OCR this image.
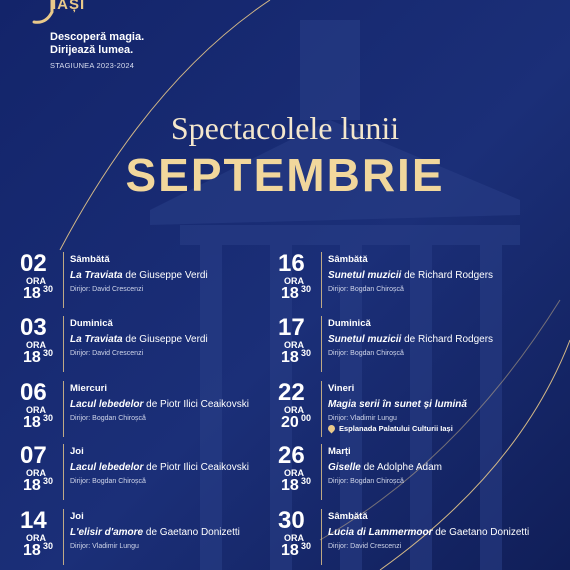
IAȘI
Descoperă magia.
Dirijează lumea.
STAGIUNEA 2023-2024
Spectacolele lunii
SEPTEMBRIE
02
ORA
18 30
Sâmbătă
La Traviata de Giuseppe Verdi
Dirijor: David Crescenzi
03
ORA
18 30
Duminică
La Traviata de Giuseppe Verdi
Dirijor: David Crescenzi
06
ORA
18 30
Miercuri
Lacul lebedelor de Piotr Ilici Ceaikovski
Dirijor: Bogdan Chiroșcă
07
ORA
18 30
Joi
Lacul lebedelor de Piotr Ilici Ceaikovski
Dirijor: Bogdan Chiroșcă
14
ORA
18 30
Joi
L'elisir d'amore de Gaetano Donizetti
Dirijor: Vladimir Lungu
16
ORA
18 30
Sâmbătă
Sunetul muzicii de Richard Rodgers
Dirijor: Bogdan Chiroșcă
17
ORA
18 30
Duminică
Sunetul muzicii de Richard Rodgers
Dirijor: Bogdan Chiroșcă
22
ORA
20 00
Vineri
Magia serii în sunet și lumină
Dirijor: Vladimir Lungu
Esplanada Palatului Culturii Iași
26
ORA
18 30
Marți
Giselle de Adolphe Adam
Dirijor: Bogdan Chiroșcă
30
ORA
18 30
Sâmbătă
Lucia di Lammermoor de Gaetano Donizetti
Dirijor: David Crescenzi
